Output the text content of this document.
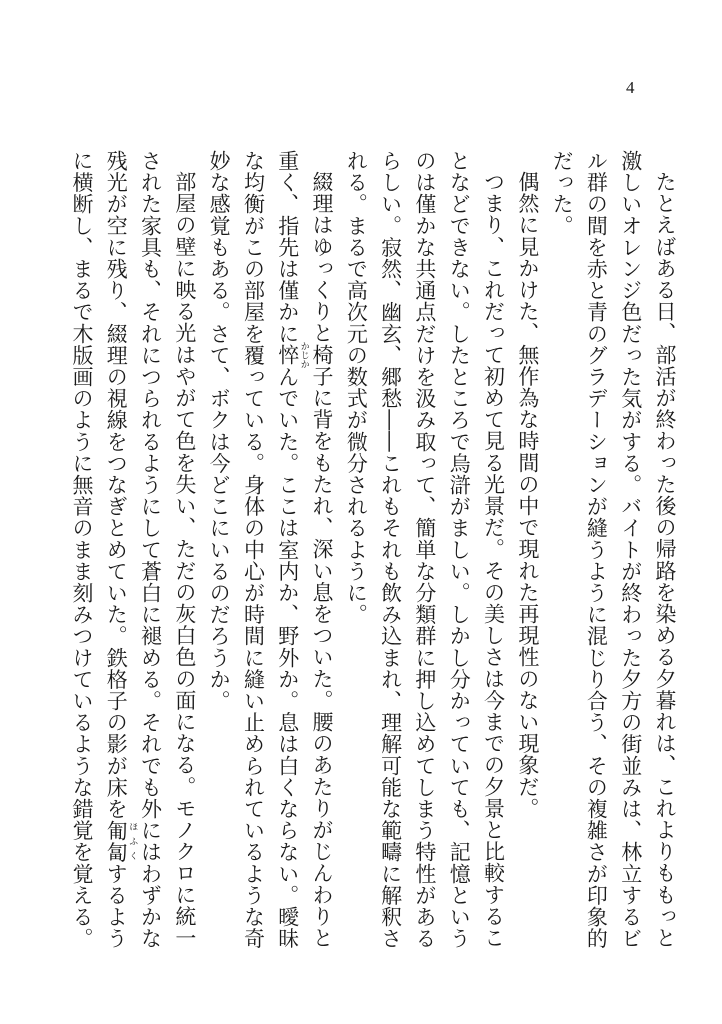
4

たとえばある日、部活が終わった後の帰路を染める夕暮れは、これよりももっと激しいオレンジ色だった気がする。バイトが終わった夕方の街並みは、林立するビル群の間を赤と青のグラデーションが縫うように混じり合う、その複雑さが印象的だった。

偶然に見かけた、無作為な時間の中で現れた再現性のない現象だ。

つまり、これだって初めて見る光景だ。その美しさは今までの夕景と比較することなどできない。したところで烏滸がましい。しかし分かっていても、記憶というのは僅かな共通点だけを汲み取って、簡単な分類群に押し込めてしまう特性があるらしい。寂然、幽玄、郷愁――これもそれも飲み込まれ、理解可能な範疇に解釈される。まるで高次元の数式が微分されるように。

綴理はゆっくりと椅子に背をもたれ、深い息をついた。腰のあたりがじんわりと重く、指先は僅かに悴 かじかんでいた。ここは室内か、野外か。息は白くならない。曖昧な均衡がこの部屋を覆っている。身体の中心が時間に縫い止められているような奇妙な感覚もある。さて、ボクは今どこにいるのだろうか。

部屋の壁に映る光はやがて色を失い、ただの灰白色の面になる。モノクロに統一された家具も、それにつられるようにして蒼白に褪める。それでも外にはわずかな残光が空に残り、綴理の視線をつなぎとめていた。鉄格子の影が床を匍匐 ほふくするように横断し、まるで木版画のように無音のまま刻みつけているような錯覚を覚える。
